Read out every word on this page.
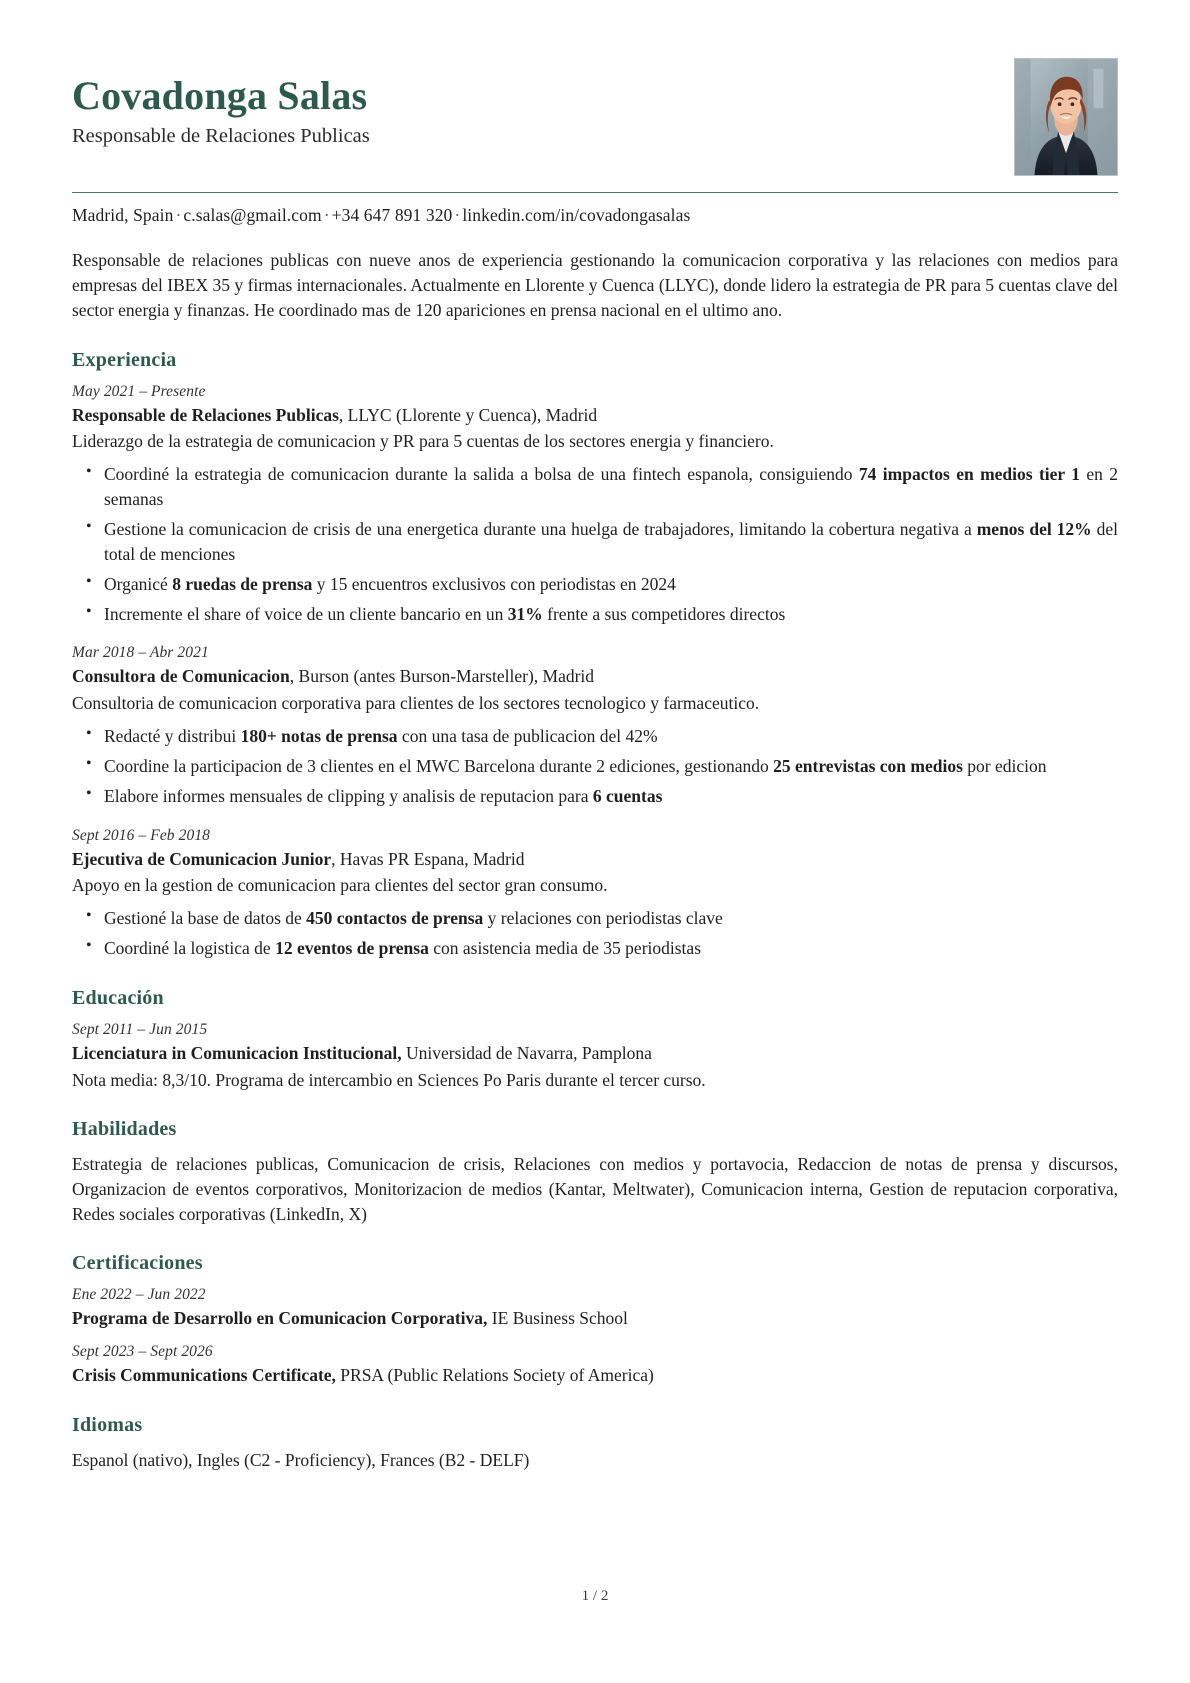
Covadonga Salas
Responsable de Relaciones Publicas
Madrid, Spain · c.salas@gmail.com · +34 647 891 320 · linkedin.com/in/covadongasalas

Responsable de relaciones publicas con nueve anos de experiencia gestionando la comunicacion corporativa y las relaciones con medios para empresas del IBEX 35 y firmas internacionales. Actualmente en Llorente y Cuenca (LLYC), donde lidero la estrategia de PR para 5 cuentas clave del sector energia y finanzas. He coordinado mas de 120 apariciones en prensa nacional en el ultimo ano.

Experiencia
May 2021 – Presente
Responsable de Relaciones Publicas, LLYC (Llorente y Cuenca), Madrid

Liderazgo de la estrategia de comunicacion y PR para 5 cuentas de los sectores energia y financiero.

• Coordiné la estrategia de comunicacion durante la salida a bolsa de una fintech espanola, consiguiendo 74 impactos en medios tier 1 en 2 semanas
• Gestione la comunicacion de crisis de una energetica durante una huelga de trabajadores, limitando la cobertura negativa a menos del 12% del total de menciones
• Organicé 8 ruedas de prensa y 15 encuentros exclusivos con periodistas en 2024
• Incremente el share of voice de un cliente bancario en un 31% frente a sus competidores directos
Mar 2018 – Abr 2021
Consultora de Comunicacion, Burson (antes Burson-Marsteller), Madrid

Consultoria de comunicacion corporativa para clientes de los sectores tecnologico y farmaceutico.

• Redacté y distribui 180+ notas de prensa con una tasa de publicacion del 42%
• Coordine la participacion de 3 clientes en el MWC Barcelona durante 2 ediciones, gestionando 25 entrevistas con medios por edicion
• Elabore informes mensuales de clipping y analisis de reputacion para 6 cuentas
Sept 2016 – Feb 2018
Ejecutiva de Comunicacion Junior, Havas PR Espana, Madrid

Apoyo en la gestion de comunicacion para clientes del sector gran consumo.

• Gestioné la base de datos de 450 contactos de prensa y relaciones con periodistas clave
• Coordiné la logistica de 12 eventos de prensa con asistencia media de 35 periodistas
Educación
Sept 2011 – Jun 2015
Licenciatura in Comunicacion Institucional, Universidad de Navarra, Pamplona

Nota media: 8,3/10. Programa de intercambio en Sciences Po Paris durante el tercer curso.

Habilidades

Estrategia de relaciones publicas, Comunicacion de crisis, Relaciones con medios y portavocia, Redaccion de notas de prensa y discursos, Organizacion de eventos corporativos, Monitorizacion de medios (Kantar, Meltwater), Comunicacion interna, Gestion de reputacion corporativa, Redes sociales corporativas (LinkedIn, X)

Certificaciones
Ene 2022 – Jun 2022
Programa de Desarrollo en Comunicacion Corporativa, IE Business School
Sept 2023 – Sept 2026
Crisis Communications Certificate, PRSA (Public Relations Society of America)
Idiomas

Espanol (nativo), Ingles (C2 - Proficiency), Frances (B2 - DELF)

1 / 2
